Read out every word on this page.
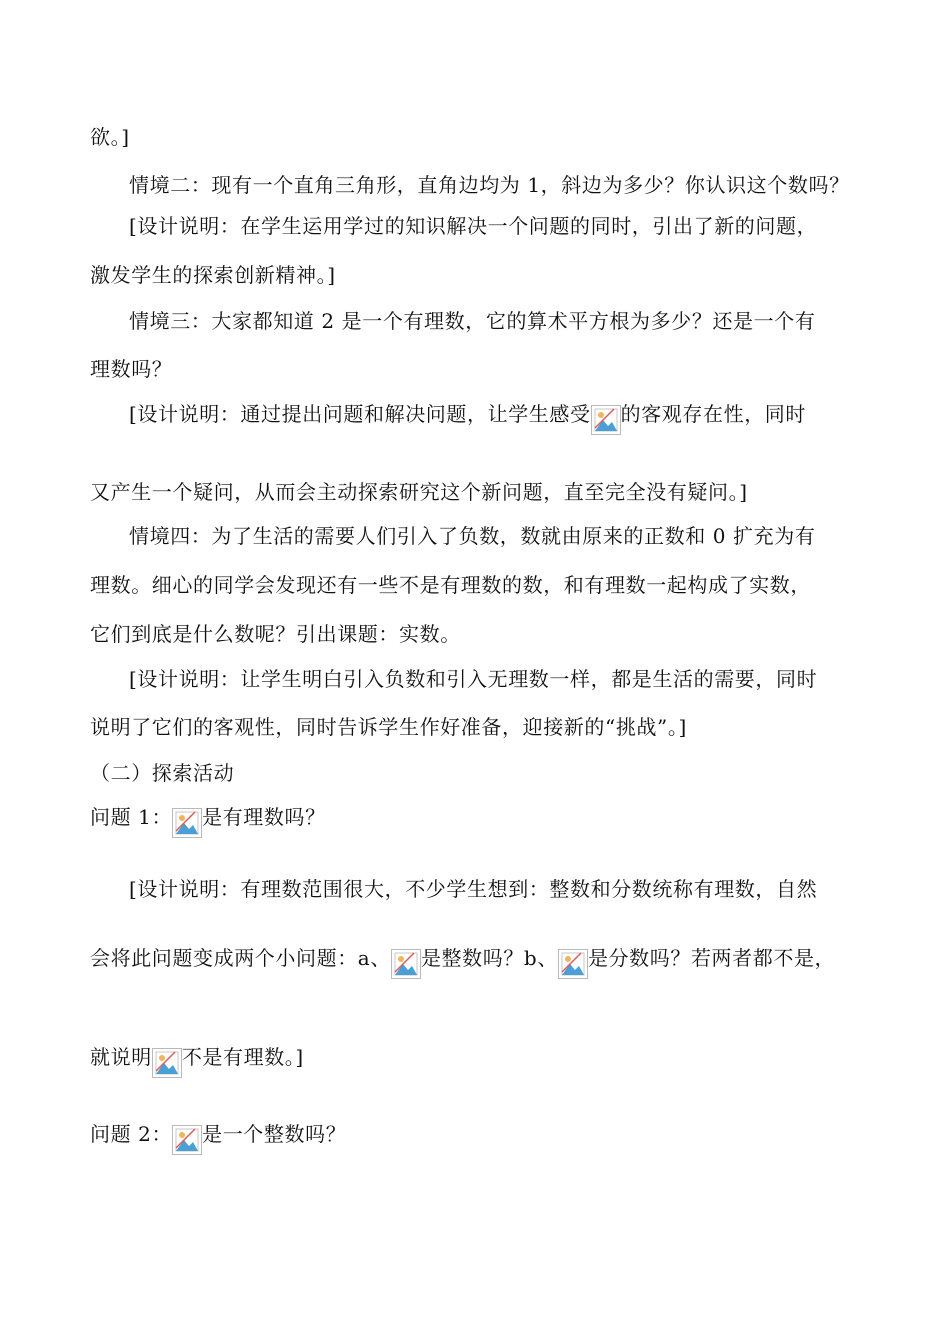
欲。]
情境二：现有一个直角三角形，直角边均为 1，斜边为多少？你认识这个数吗？
[设计说明：在学生运用学过的知识解决一个问题的同时，引出了新的问题，
激发学生的探索创新精神。]
情境三：大家都知道 2 是一个有理数，它的算术平方根为多少？还是一个有
理数吗？
[设计说明：通过提出问题和解决问题，让学生感受 的客观存在性，同时
又产生一个疑问，从而会主动探索研究这个新问题，直至完全没有疑问。]
情境四：为了生活的需要人们引入了负数，数就由原来的正数和 0 扩充为有
理数。细心的同学会发现还有一些不是有理数的数，和有理数一起构成了实数，
它们到底是什么数呢？引出课题：实数。
[设计说明：让学生明白引入负数和引入无理数一样，都是生活的需要，同时
说明了它们的客观性，同时告诉学生作好准备，迎接新的“挑战”。]
（二）探索活动
问题 1： 是有理数吗？
[设计说明：有理数范围很大，不少学生想到：整数和分数统称有理数，自然
会将此问题变成两个小问题：a、 是整数吗？b、 是分数吗？若两者都不是，
就说明 不是有理数。]
问题 2： 是一个整数吗？
